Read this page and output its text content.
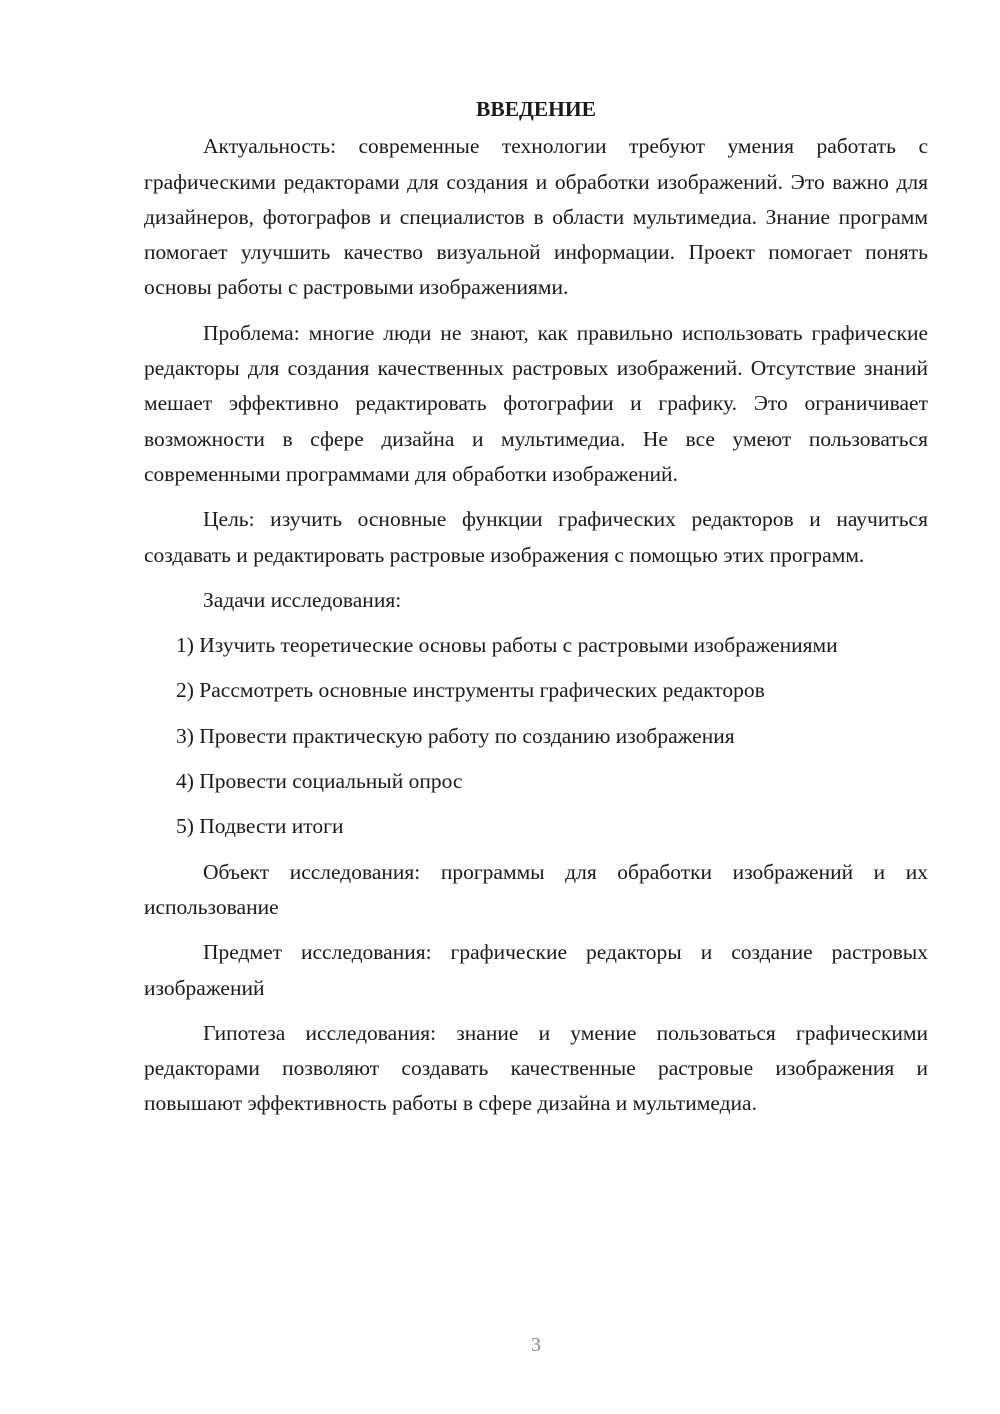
ВВЕДЕНИЕ

Актуальность: современные технологии требуют умения работать с графическими редакторами для создания и обработки изображений. Это важно для дизайнеров, фотографов и специалистов в области мультимедиа. Знание программ помогает улучшить качество визуальной информации. Проект помогает понять основы работы с растровыми изображениями.

Проблема: многие люди не знают, как правильно использовать графические редакторы для создания качественных растровых изображений. Отсутствие знаний мешает эффективно редактировать фотографии и графику. Это ограничивает возможности в сфере дизайна и мультимедиа. Не все умеют пользоваться современными программами для обработки изображений.

Цель: изучить основные функции графических редакторов и научиться создавать и редактировать растровые изображения с помощью этих программ.

Задачи исследования:

1) Изучить теоретические основы работы с растровыми изображениями

2) Рассмотреть основные инструменты графических редакторов

3) Провести практическую работу по созданию изображения

4) Провести социальный опрос

5) Подвести итоги

Объект исследования: программы для обработки изображений и их использование

Предмет исследования: графические редакторы и создание растровых изображений

Гипотеза исследования: знание и умение пользоваться графическими редакторами позволяют создавать качественные растровые изображения и повышают эффективность работы в сфере дизайна и мультимедиа.

3
